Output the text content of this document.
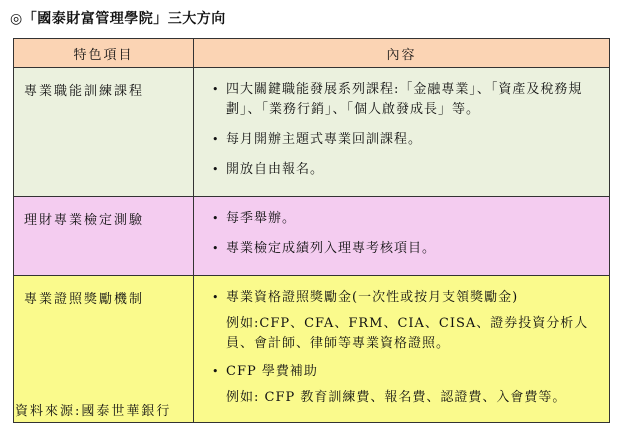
◎「國泰財富管理學院」三大方向
特色項目	內容
專業職能訓練課程	• 四大關鍵職能發展系列課程:「金融專業」、「資產及稅務規劃」、「業務行銷」、「個人啟發成長」等。
• 每月開辦主題式專業回訓課程。
• 開放自由報名。

理財專業檢定測驗	• 每季舉辦。
• 專業檢定成績列入理專考核項目。

專業證照獎勵機制	• 專業資格證照獎勵金(一次性或按月支領獎勵金)
例如:CFP、CFA、FRM、CIA、CISA、證券投資分析人員、會計師、律師等專業資格證照。
• CFP 學費補助
例如: CFP 教育訓練費、報名費、認證費、入會費等。
資料來源:國泰世華銀行
